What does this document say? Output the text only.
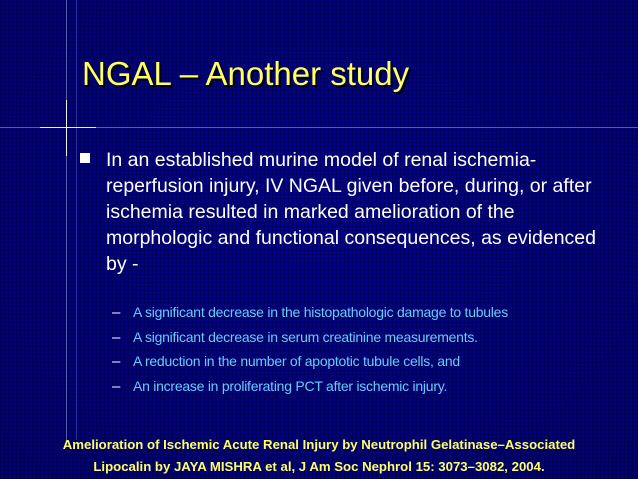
NGAL – Another study

In an established murine model of renal ischemia-reperfusion injury, IV NGAL given before, during, or after ischemia resulted in marked amelioration of the morphologic and functional consequences, as evidenced by -

– A significant decrease in the histopathologic damage to tubules
– A significant decrease in serum creatinine measurements.
– A reduction in the number of apoptotic tubule cells, and
– An increase in proliferating PCT after ischemic injury.
Amelioration of Ischemic Acute Renal Injury by Neutrophil Gelatinase–Associated
Lipocalin by JAYA MISHRA et al, J Am Soc Nephrol 15: 3073–3082, 2004.
